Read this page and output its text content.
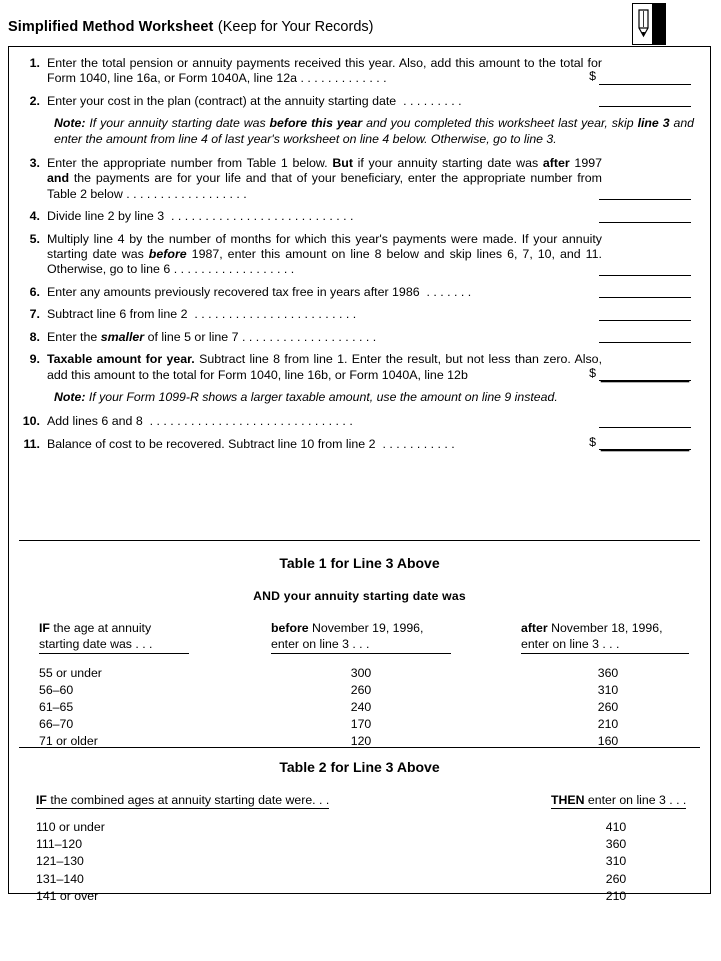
Simplified Method Worksheet (Keep for Your Records)
1. Enter the total pension or annuity payments received this year. Also, add this amount to the total for Form 1040, line 16a, or Form 1040A, line 12a . . . . . . . . . . . . .	$
2. Enter your cost in the plan (contract) at the annuity starting date . . . . . . . . .
Note: If your annuity starting date was before this year and you completed this worksheet last year, skip line 3 and enter the amount from line 4 of last year's worksheet on line 4 below. Otherwise, go to line 3.
3. Enter the appropriate number from Table 1 below. But if your annuity starting date was after 1997 and the payments are for your life and that of your beneficiary, enter the appropriate number from Table 2 below . . . . . . . . . . . . . . . . . .
4. Divide line 2 by line 3 . . . . . . . . . . . . . . . . . . . . . . . . . . .
5. Multiply line 4 by the number of months for which this year's payments were made. If your annuity starting date was before 1987, enter this amount on line 8 below and skip lines 6, 7, 10, and 11. Otherwise, go to line 6 . . . . . . . . . . . . . . . . . .
6. Enter any amounts previously recovered tax free in years after 1986 . . . . . . .
7. Subtract line 6 from line 2 . . . . . . . . . . . . . . . . . . . . . . . .
8. Enter the smaller of line 5 or line 7 . . . . . . . . . . . . . . . . . . . .
9. Taxable amount for year. Subtract line 8 from line 1. Enter the result, but not less than zero. Also, add this amount to the total for Form 1040, line 16b, or Form 1040A, line 12b	$
Note: If your Form 1099-R shows a larger taxable amount, use the amount on line 9 instead.
10. Add lines 6 and 8 . . . . . . . . . . . . . . . . . . . . . . . . . . . . . .
11. Balance of cost to be recovered. Subtract line 10 from line 2 . . . . . . . . . . .	$
Table 1 for Line 3 Above
AND your annuity starting date was
IF the age at annuity
starting date was . . .
before November 19, 1996,
enter on line 3 . . .
after November 18, 1996,
enter on line 3 . . .
55 or under	300	360
56–60	260	310
61–65	240	260
66–70	170	210
71 or older	120	160
Table 2 for Line 3 Above
IF the combined ages at annuity starting date were. . .	THEN enter on line 3 . . .
110 or under	410
111–120	360
121–130	310
131–140	260
141 or over	210
